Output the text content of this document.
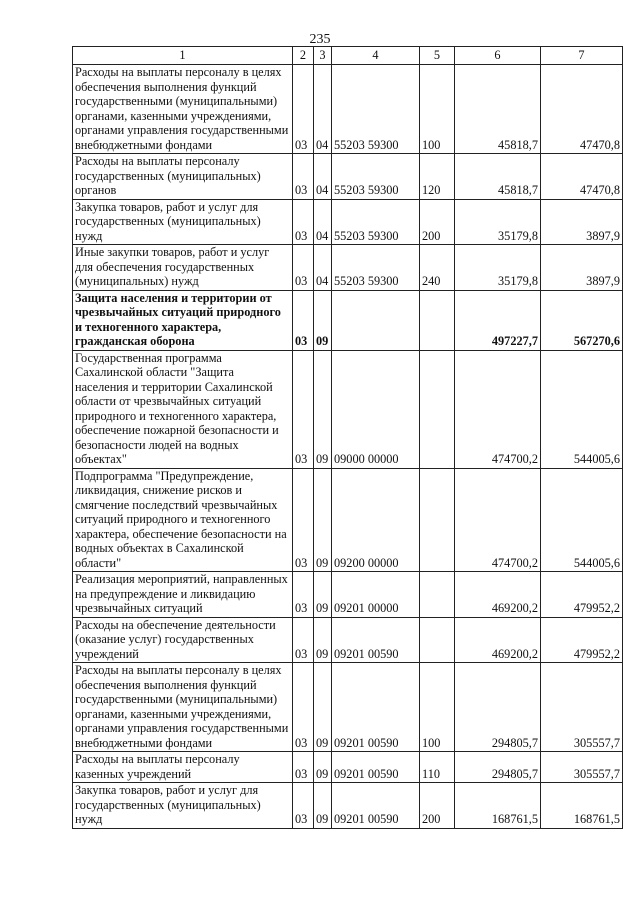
235
1	2	3	4	5	6	7
Расходы на выплаты персоналу в целях обеспечения выполнения функций государственными (муниципальными) органами, казенными учреждениями, органами управления государственными внебюджетными фондами	03	04	55203 59300	100	45818,7	47470,8
Расходы на выплаты персоналу государственных (муниципальных) органов	03	04	55203 59300	120	45818,7	47470,8
Закупка товаров, работ и услуг для государственных (муниципальных) нужд	03	04	55203 59300	200	35179,8	3897,9
Иные закупки товаров, работ и услуг для обеспечения государственных (муниципальных) нужд	03	04	55203 59300	240	35179,8	3897,9
Защита населения и территории от чрезвычайных ситуаций природного и техногенного характера, гражданская оборона	03	09			497227,7	567270,6
Государственная программа Сахалинской области "Защита населения и территории Сахалинской области от чрезвычайных ситуаций природного и техногенного характера, обеспечение пожарной безопасности и безопасности людей на водных объектах"	03	09	09000 00000		474700,2	544005,6
Подпрограмма "Предупреждение, ликвидация, снижение рисков и смягчение последствий чрезвычайных ситуаций природного и техногенного характера, обеспечение безопасности на водных объектах в Сахалинской области"	03	09	09200 00000		474700,2	544005,6
Реализация мероприятий, направленных на предупреждение и ликвидацию чрезвычайных ситуаций	03	09	09201 00000		469200,2	479952,2
Расходы на обеспечение деятельности (оказание услуг) государственных учреждений	03	09	09201 00590		469200,2	479952,2
Расходы на выплаты персоналу в целях обеспечения выполнения функций государственными (муниципальными) органами, казенными учреждениями, органами управления государственными внебюджетными фондами	03	09	09201 00590	100	294805,7	305557,7
Расходы на выплаты персоналу казенных учреждений	03	09	09201 00590	110	294805,7	305557,7
Закупка товаров, работ и услуг для государственных (муниципальных) нужд	03	09	09201 00590	200	168761,5	168761,5
